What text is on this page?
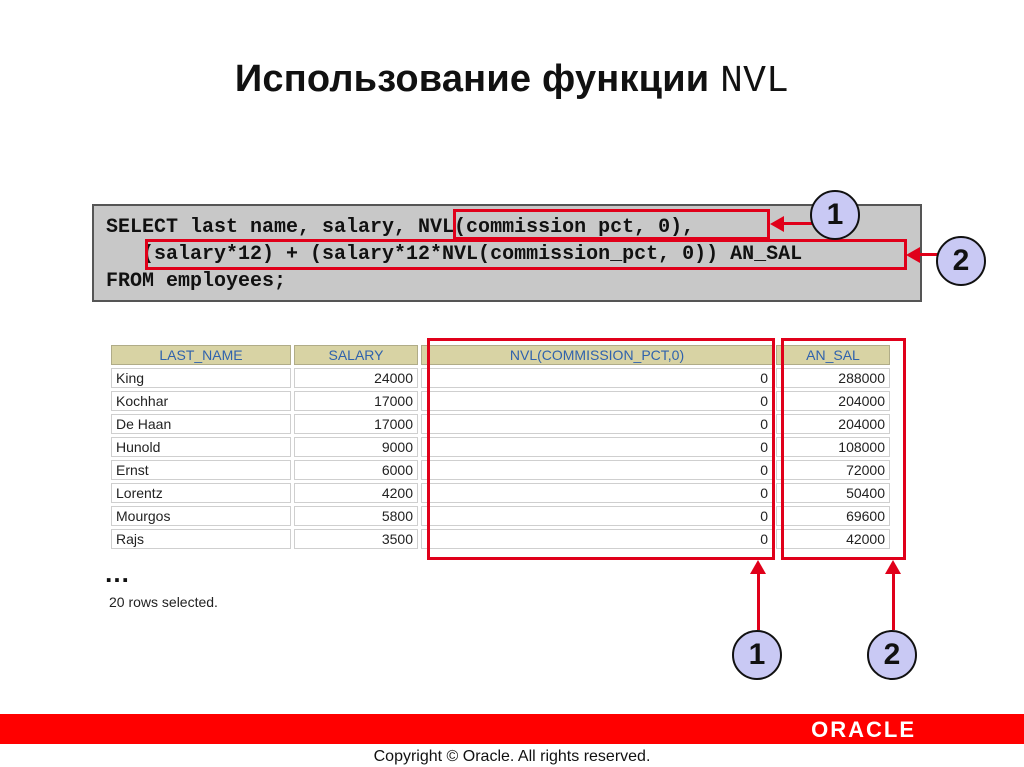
Использование функции NVL
SELECT last name, salary, NVL(commission pct, 0),
(salary*12) + (salary*12*NVL(commission_pct, 0)) AN_SAL
FROM employees;
1
2
LAST_NAME	SALARY	NVL(COMMISSION_PCT,0)	AN_SAL
King	24000	0	288000
Kochhar	17000	0	204000
De Haan	17000	0	204000
Hunold	9000	0	108000
Ernst	6000	0	72000
Lorentz	4200	0	50400
Mourgos	5800	0	69600
Rajs	3500	0	42000
1	2
…
20 rows selected.
ORACLE
Copyright © Oracle. All rights reserved.
